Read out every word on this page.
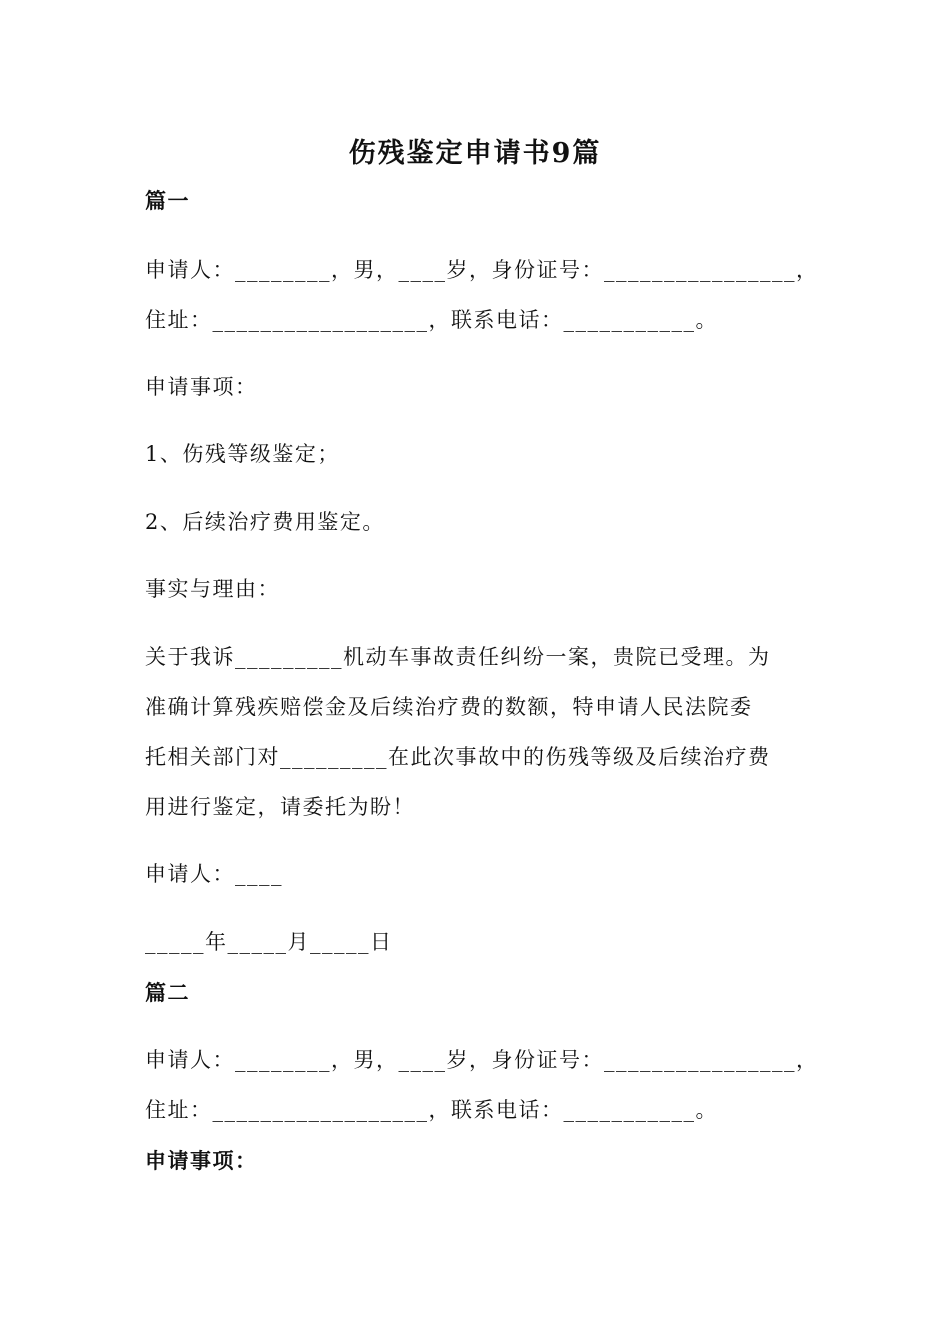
伤残鉴定申请书9篇
篇一
申请人：________，男，____岁，身份证号：________________，
住址：__________________，联系电话：___________。
申请事项：
1、伤残等级鉴定；
2、后续治疗费用鉴定。
事实与理由：
关于我诉_________机动车事故责任纠纷一案，贵院已受理。为
准确计算残疾赔偿金及后续治疗费的数额，特申请人民法院委
托相关部门对_________在此次事故中的伤残等级及后续治疗费
用进行鉴定，请委托为盼！
申请人：____
_____年_____月_____日
篇二
申请人：________，男，____岁，身份证号：________________，
住址：__________________，联系电话：___________。
申请事项：
